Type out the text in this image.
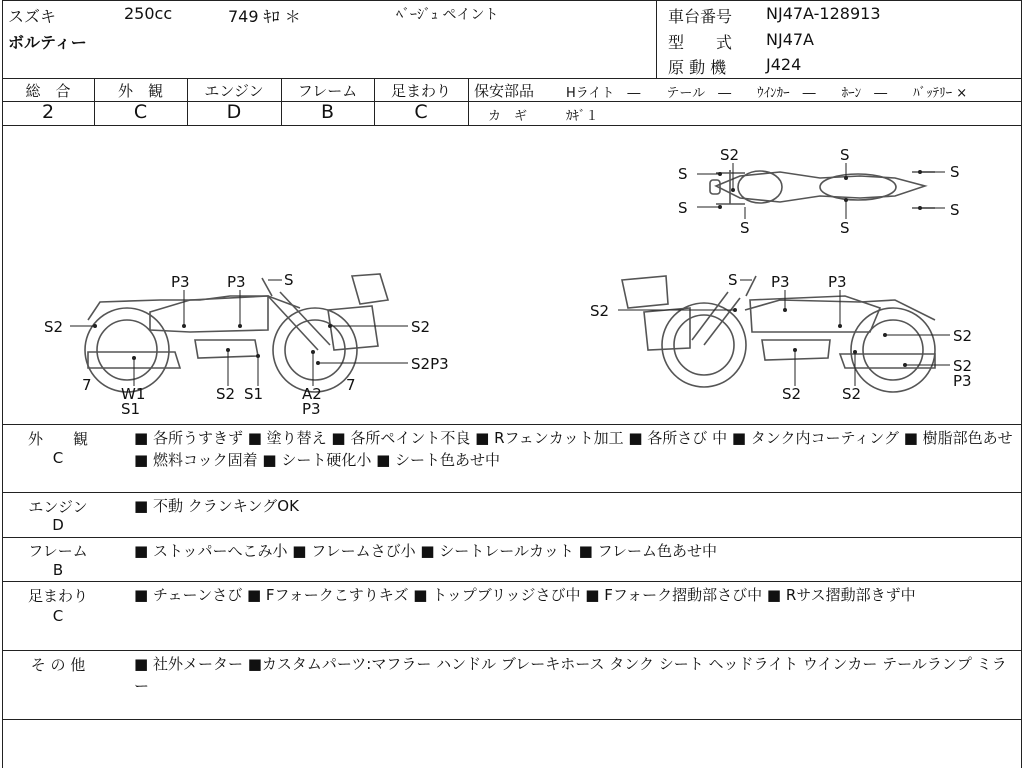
スズキ
ボルティー
250cc	749 ｷﾛ ＊	ﾍﾞｰｼﾞｭ ペイント	車台番号 NJ47A-128913
型　　式 NJ47A
原 動 機 J424
総　合	外　観	エンジン	フレーム	足まわり
2	C	D	B	C
保安部品 Hライト　―　　テール　―　　ｳｲﾝｶｰ　―　　ﾎｰﾝ　―　　ﾊﾞｯﾃﾘｰ ×
カ　ギ	ｶｷﾞ１
S2
S
S
S
S
S
S
S
P3 P3	S
S2	S2
S2P3
7	7
W1
S1
S2 S1	A2
P3
S P3	P3
S2
S2
S2
P3
S2	S2
外　　観
C
■ 各所うすきず ■ 塗り替え ■ 各所ペイント不良 ■ Rフェンカット加工 ■ 各所さび 中 ■ タンク内コーティング ■ 樹脂部色あせ ■ 燃料コック固着 ■ シート硬化小 ■ シート色あせ中
エンジン
D
■ 不動 クランキングOK
フレーム
B
■ ストッパーへこみ小 ■ フレームさび小 ■ シートレールカット ■ フレーム色あせ中
足まわり
C
■ チェーンさび ■ Fフォークこすりキズ ■ トップブリッジさび中 ■ Fフォーク摺動部さび中 ■ Rサス摺動部きず中
そ の 他	■ 社外メーター ■カスタムパーツ:マフラー ハンドル ブレーキホース タンク シート ヘッドライト ウインカー テールランプ ミラー
